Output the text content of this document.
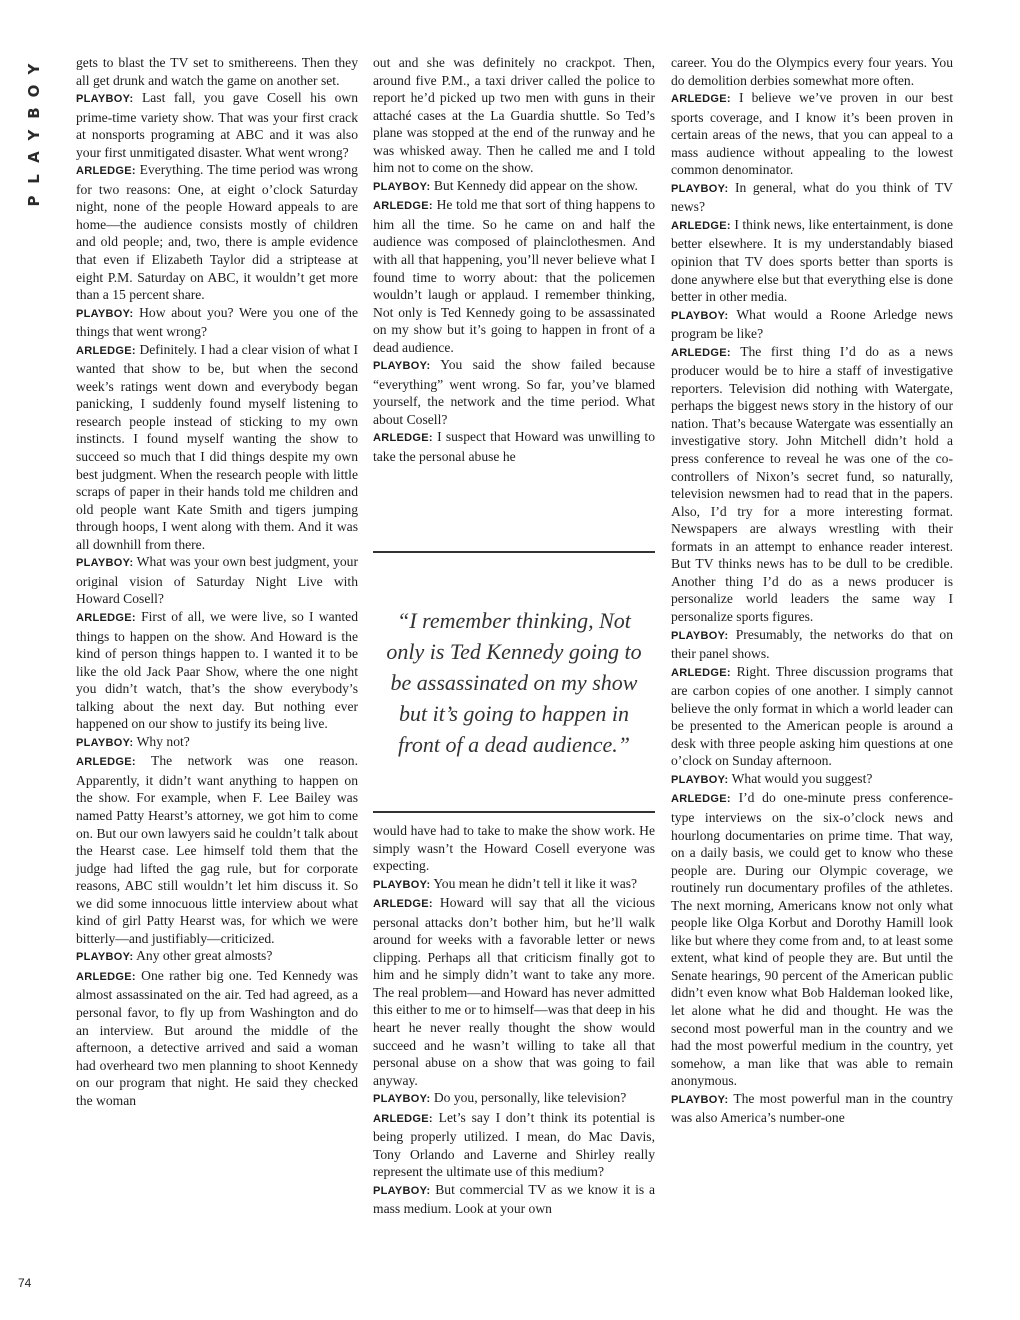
Y
O
B
Y
A
L
P
74

gets to blast the TV set to smithereens. Then they all get drunk and watch the game on another set.

PLAYBOY: Last fall, you gave Cosell his own prime-time variety show. That was your first crack at nonsports programing at ABC and it was also your first unmitigated disaster. What went wrong?

ARLEDGE: Everything. The time period was wrong for two reasons: One, at eight o’clock Saturday night, none of the people Howard appeals to are home—the audience consists mostly of children and old people; and, two, there is ample evidence that even if Elizabeth Taylor did a striptease at eight P.M. Saturday on ABC, it wouldn’t get more than a 15 percent share.

PLAYBOY: How about you? Were you one of the things that went wrong?

ARLEDGE: Definitely. I had a clear vision of what I wanted that show to be, but when the second week’s ratings went down and everybody began panicking, I suddenly found myself listening to research people instead of sticking to my own instincts. I found myself wanting the show to succeed so much that I did things despite my own best judgment. When the research people with little scraps of paper in their hands told me children and old people want Kate Smith and tigers jumping through hoops, I went along with them. And it was all downhill from there.

PLAYBOY: What was your own best judgment, your original vision of Saturday Night Live with Howard Cosell?

ARLEDGE: First of all, we were live, so I wanted things to happen on the show. And Howard is the kind of person things happen to. I wanted it to be like the old Jack Paar Show, where the one night you didn’t watch, that’s the show everybody’s talking about the next day. But nothing ever happened on our show to justify its being live.

PLAYBOY: Why not?

ARLEDGE: The network was one reason. Apparently, it didn’t want anything to happen on the show. For example, when F. Lee Bailey was named Patty Hearst’s attorney, we got him to come on. But our own lawyers said he couldn’t talk about the Hearst case. Lee himself told them that the judge had lifted the gag rule, but for corporate reasons, ABC still wouldn’t let him discuss it. So we did some innocuous little interview about what kind of girl Patty Hearst was, for which we were bitterly—and justifiably—criticized.

PLAYBOY: Any other great almosts?

ARLEDGE: One rather big one. Ted Kennedy was almost assassinated on the air. Ted had agreed, as a personal favor, to fly up from Washington and do an interview. But around the middle of the afternoon, a detective arrived and said a woman had overheard two men planning to shoot Kennedy on our program that night. He said they checked the woman

out and she was definitely no crackpot. Then, around five P.M., a taxi driver called the police to report he’d picked up two men with guns in their attaché cases at the La Guardia shuttle. So Ted’s plane was stopped at the end of the runway and he was whisked away. Then he called me and I told him not to come on the show.

PLAYBOY: But Kennedy did appear on the show.

ARLEDGE: He told me that sort of thing happens to him all the time. So he came on and half the audience was composed of plainclothesmen. And with all that happening, you’ll never believe what I found time to worry about: that the policemen wouldn’t laugh or applaud. I remember thinking, Not only is Ted Kennedy going to be assassinated on my show but it’s going to happen in front of a dead audience.

PLAYBOY: You said the show failed because “everything” went wrong. So far, you’ve blamed yourself, the network and the time period. What about Cosell?

ARLEDGE: I suspect that Howard was unwilling to take the personal abuse he

“I remember thinking, Not only is Ted Kennedy going to be assassinated on my show but it’s going to happen in front of a dead audience.”

would have had to take to make the show work. He simply wasn’t the Howard Cosell everyone was expecting.

PLAYBOY: You mean he didn’t tell it like it was?

ARLEDGE: Howard will say that all the vicious personal attacks don’t bother him, but he’ll walk around for weeks with a favorable letter or news clipping. Perhaps all that criticism finally got to him and he simply didn’t want to take any more. The real problem—and Howard has never admitted this either to me or to himself—was that deep in his heart he never really thought the show would succeed and he wasn’t willing to take all that personal abuse on a show that was going to fail anyway.

PLAYBOY: Do you, personally, like television?

ARLEDGE: Let’s say I don’t think its potential is being properly utilized. I mean, do Mac Davis, Tony Orlando and Laverne and Shirley really represent the ultimate use of this medium?

PLAYBOY: But commercial TV as we know it is a mass medium. Look at your own

career. You do the Olympics every four years. You do demolition derbies somewhat more often.

ARLEDGE: I believe we’ve proven in our best sports coverage, and I know it’s been proven in certain areas of the news, that you can appeal to a mass audience without appealing to the lowest common denominator.

PLAYBOY: In general, what do you think of TV news?

ARLEDGE: I think news, like entertainment, is done better elsewhere. It is my understandably biased opinion that TV does sports better than sports is done anywhere else but that everything else is done better in other media.

PLAYBOY: What would a Roone Arledge news program be like?

ARLEDGE: The first thing I’d do as a news producer would be to hire a staff of investigative reporters. Television did nothing with Watergate, perhaps the biggest news story in the history of our nation. That’s because Watergate was essentially an investigative story. John Mitchell didn’t hold a press conference to reveal he was one of the co-controllers of Nixon’s secret fund, so naturally, television newsmen had to read that in the papers. Also, I’d try for a more interesting format. Newspapers are always wrestling with their formats in an attempt to enhance reader interest. But TV thinks news has to be dull to be credible. Another thing I’d do as a news producer is personalize world leaders the same way I personalize sports figures.

PLAYBOY: Presumably, the networks do that on their panel shows.

ARLEDGE: Right. Three discussion programs that are carbon copies of one another. I simply cannot believe the only format in which a world leader can be presented to the American people is around a desk with three people asking him questions at one o’clock on Sunday afternoon.

PLAYBOY: What would you suggest?

ARLEDGE: I’d do one-minute press conference-type interviews on the six-o’clock news and hourlong documentaries on prime time. That way, on a daily basis, we could get to know who these people are. During our Olympic coverage, we routinely run documentary profiles of the athletes. The next morning, Americans know not only what people like Olga Korbut and Dorothy Hamill look like but where they come from and, to at least some extent, what kind of people they are. But until the Senate hearings, 90 percent of the American public didn’t even know what Bob Haldeman looked like, let alone what he did and thought. He was the second most powerful man in the country and we had the most powerful medium in the country, yet somehow, a man like that was able to remain anonymous.

PLAYBOY: The most powerful man in the country was also America’s number-one
